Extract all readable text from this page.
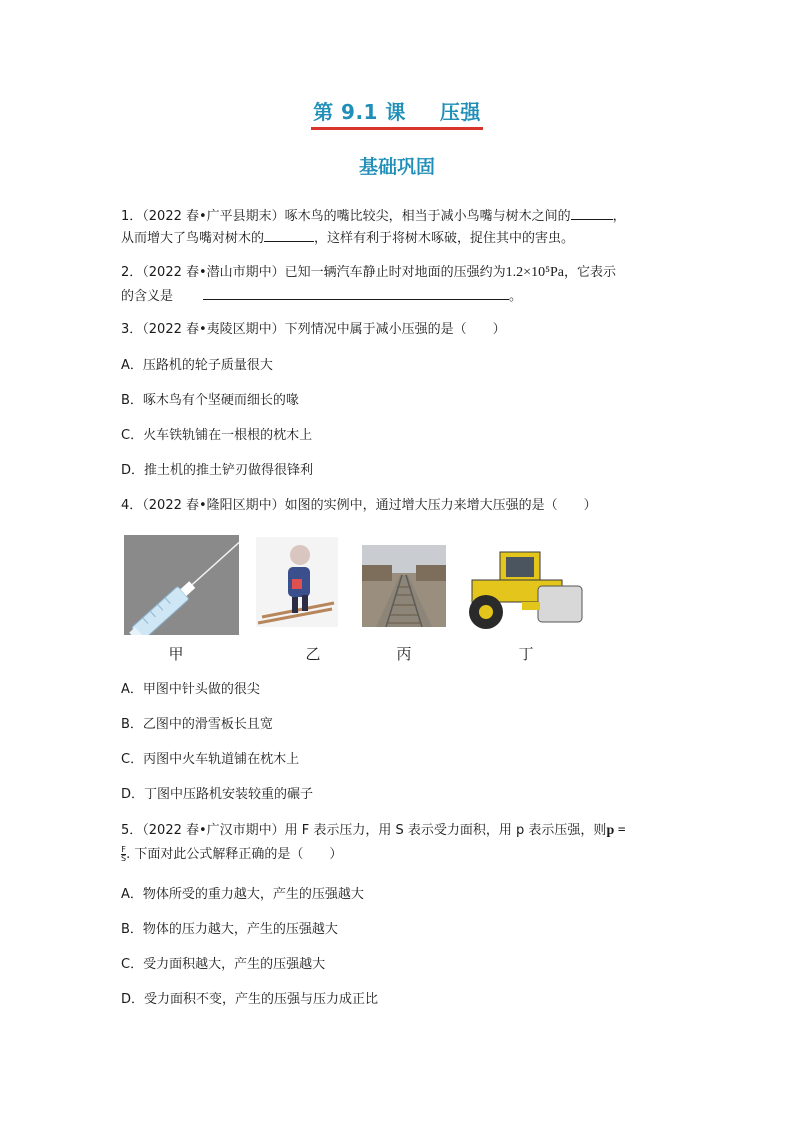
第 9.1 课 压强
基础巩固
1．（2022 春•广平县期末）啄木鸟的嘴比较尖，相当于减小鸟嘴与树木之间的	，
从而增大了鸟嘴对树木的	，这样有利于将树木啄破，捉住其中的害虫。
2．（2022 春•潜山市期中）已知一辆汽车静止时对地面的压强约为1.2×10⁵Pa，它表示
的含义是	。
3．（2022 春•夷陵区期中）下列情况中属于减小压强的是（　　）
A．压路机的轮子质量很大
B．啄木鸟有个坚硬而细长的喙
C．火车铁轨铺在一根根的枕木上
D．推土机的推土铲刃做得很锋利
4．（2022 春•隆阳区期中）如图的实例中，通过增大压力来增大压强的是（　　）
甲	乙	丙	丁
A．甲图中针头做的很尖
B．乙图中的滑雪板长且宽
C．丙图中火车轨道铺在枕木上
D．丁图中压路机安装较重的碾子
5．（2022 春•广汉市期中）用 F 表示压力，用 S 表示受力面积，用 p 表示压强，则p =
$\frac{F}{S}$ . 下面对此公式解释正确的是（　　）
A．物体所受的重力越大，产生的压强越大
B．物体的压力越大，产生的压强越大
C．受力面积越大，产生的压强越大
D．受力面积不变，产生的压强与压力成正比
